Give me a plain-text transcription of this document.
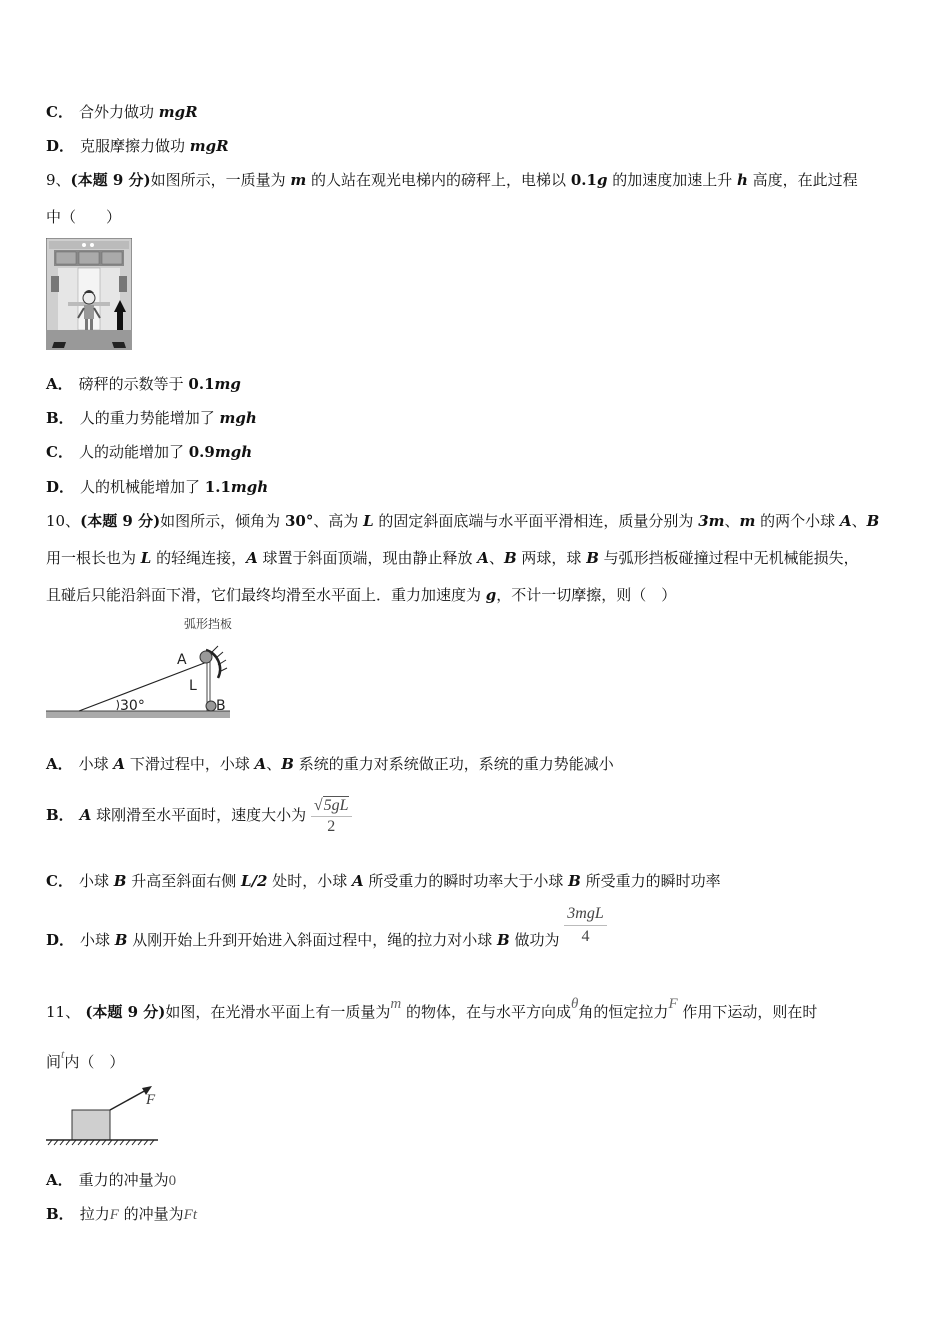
C． 合外力做功 mgR
D． 克服摩擦力做功 mgR
9、(本题 9 分)如图所示，一质量为 m 的人站在观光电梯内的磅秤上，电梯以 0.1g 的加速度加速上升 h 高度，在此过程
中（　　）
A． 磅秤的示数等于 0.1mg
B． 人的重力势能增加了 mgh
C． 人的动能增加了 0.9mgh
D． 人的机械能增加了 1.1mgh
10、(本题 9 分)如图所示，倾角为 30°、高为 L 的固定斜面底端与水平面平滑相连，质量分别为 3m、m 的两个小球 A、B
用一根长也为 L 的轻绳连接，A 球置于斜面顶端，现由静止释放 A、B 两球，球 B 与弧形挡板碰撞过程中无机械能损失，
且碰后只能沿斜面下滑，它们最终均滑至水平面上．重力加速度为 g，不计一切摩擦，则（　）
弧形挡板
30°
A
L
B
A． 小球 A 下滑过程中，小球 A、B 系统的重力对系统做正功，系统的重力势能减小
B． A 球刚滑至水平面时，速度大小为 $\frac{√5gL}{2}$
C． 小球 B 升高至斜面右侧 L/2 处时，小球 A 所受重力的瞬时功率大于小球 B 所受重力的瞬时功率
D． 小球 B 从刚开始上升到开始进入斜面过程中，绳的拉力对小球 B 做功为 $\frac{\text{3mgL}}{4}$
11、 (本题 9 分)如图，在光滑水平面上有一质量为m 的物体，在与水平方向成θ角的恒定拉力F 作用下运动，则在时
间$^t$内（　）
F
A． 重力的冲量为0
B． 拉力F 的冲量为Ft
